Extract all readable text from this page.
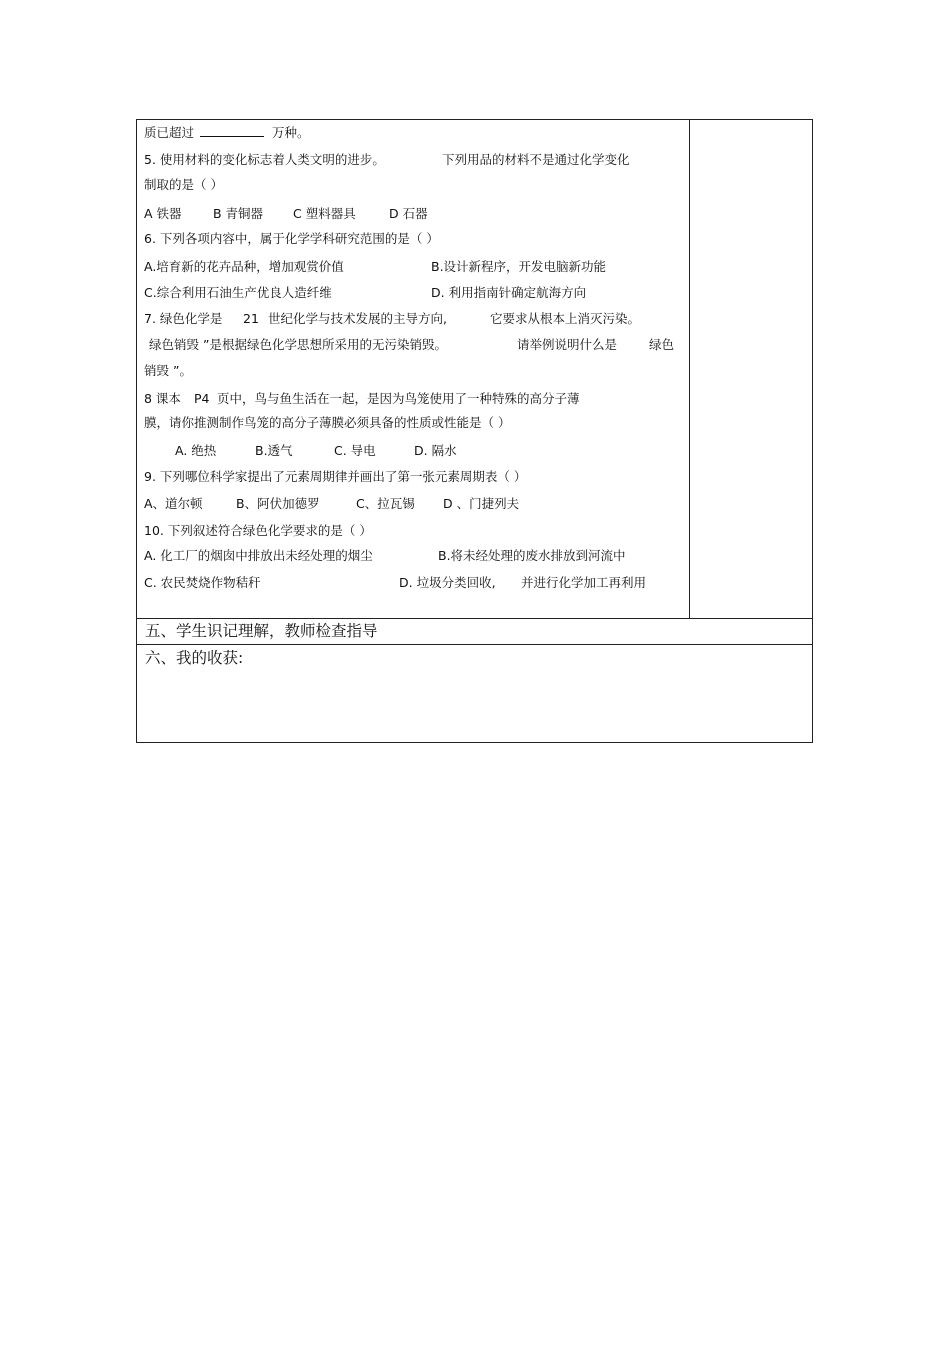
质已超过	万种。
5. 使用材料的变化标志着人类文明的进步。	下列用品的材料不是通过化学变化
制取的是（ ）
A 铁器	B 青铜器 C 塑料器具	D 石器
6. 下列各项内容中，属于化学学科研究范围的是（ ）
A.培育新的花卉品种，增加观赏价值	B.设计新程序，开发电脑新功能
C.综合利用石油生产优良人造纤维	D. 利用指南针确定航海方向
7. 绿色化学是 21 世纪化学与技术发展的主导方向,	它要求从根本上消灭污染。
绿色销毁 ”是根据绿色化学思想所采用的无污染销毁。	请举例说明什么是	绿色
销毁 ”。
8 课本 P4 页中，鸟与鱼生活在一起，是因为鸟笼使用了一种特殊的高分子薄
膜，请你推测制作鸟笼的高分子薄膜必须具备的性质或性能是（ ）
A. 绝热	B.透气	C. 导电	D. 隔水
9. 下列哪位科学家提出了元素周期律并画出了第一张元素周期表（ ）
A、道尔顿	B、阿伏加德罗	C、拉瓦锡 D 、门捷列夫
10. 下列叙述符合绿色化学要求的是（ ）
A. 化工厂的烟囱中排放出未经处理的烟尘	B.将未经处理的废水排放到河流中
C. 农民焚烧作物秸秆	D. 垃圾分类回收, 并进行化学加工再利用
五、学生识记理解，教师检查指导
六、我的收获:
